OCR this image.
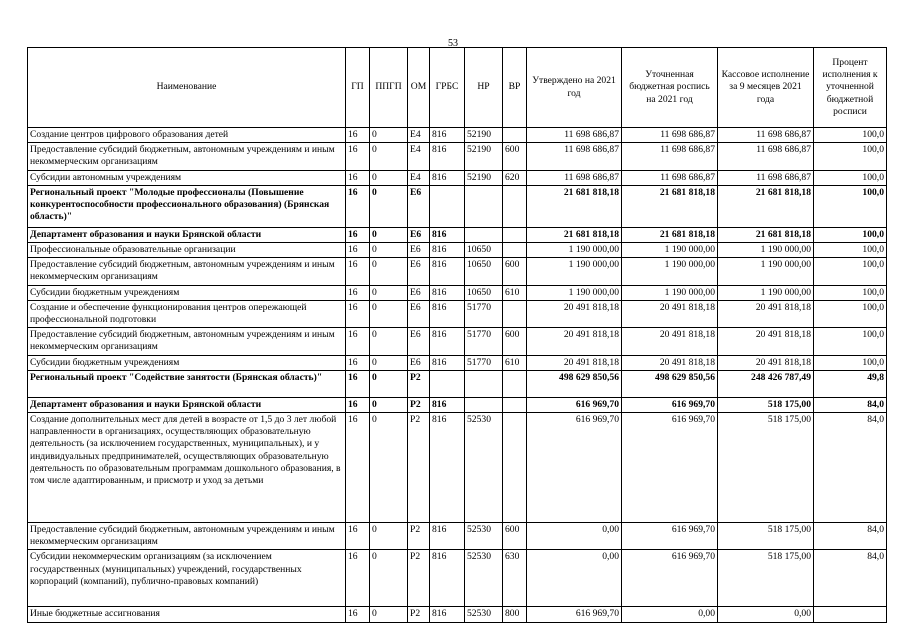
53
Наименование	ГП	ППГП	ОМ	ГРБС	НР	ВР	Утверждено на 2021 год	Уточненная бюджетная роспись на 2021 год	Кассовое исполнение за 9 месяцев 2021 года	Процент исполнения к уточненной бюджетной росписи
Создание центров цифрового образования детей	16	0	E4	816	52190		11 698 686,87	11 698 686,87	11 698 686,87	100,0
Предоставление субсидий бюджетным, автономным учреждениям и иным некоммерческим организациям	16	0	E4	816	52190	600	11 698 686,87	11 698 686,87	11 698 686,87	100,0
Субсидии автономным учреждениям	16	0	E4	816	52190	620	11 698 686,87	11 698 686,87	11 698 686,87	100,0
Региональный проект "Молодые профессионалы (Повышение конкурентоспособности профессионального образования) (Брянская область)"	16	0	E6				21 681 818,18	21 681 818,18	21 681 818,18	100,0
Департамент образования и науки Брянской области	16	0	E6	816			21 681 818,18	21 681 818,18	21 681 818,18	100,0
Профессиональные образовательные организации	16	0	E6	816	10650		1 190 000,00	1 190 000,00	1 190 000,00	100,0
Предоставление субсидий бюджетным, автономным учреждениям и иным некоммерческим организациям	16	0	E6	816	10650	600	1 190 000,00	1 190 000,00	1 190 000,00	100,0
Субсидии бюджетным учреждениям	16	0	E6	816	10650	610	1 190 000,00	1 190 000,00	1 190 000,00	100,0
Создание и обеспечение функционирования центров опережающей профессиональной подготовки	16	0	E6	816	51770		20 491 818,18	20 491 818,18	20 491 818,18	100,0
Предоставление субсидий бюджетным, автономным учреждениям и иным некоммерческим организациям	16	0	E6	816	51770	600	20 491 818,18	20 491 818,18	20 491 818,18	100,0
Субсидии бюджетным учреждениям	16	0	E6	816	51770	610	20 491 818,18	20 491 818,18	20 491 818,18	100,0
Региональный проект "Содействие занятости (Брянская область)"	16	0	P2				498 629 850,56	498 629 850,56	248 426 787,49	49,8
Департамент образования и науки Брянской области	16	0	P2	816			616 969,70	616 969,70	518 175,00	84,0
Создание дополнительных мест для детей в возрасте от 1,5 до 3 лет любой направленности в организациях, осуществляющих образовательную деятельность (за исключением государственных, муниципальных), и у индивидуальных предпринимателей, осуществляющих образовательную деятельность по образовательным программам дошкольного образования, в том числе адаптированным, и присмотр и уход за детьми	16	0	P2	816	52530		616 969,70	616 969,70	518 175,00	84,0
Предоставление субсидий бюджетным, автономным учреждениям и иным некоммерческим организациям	16	0	P2	816	52530	600	0,00	616 969,70	518 175,00	84,0
Субсидии некоммерческим организациям (за исключением государственных (муниципальных) учреждений, государственных корпораций (компаний), публично-правовых компаний)	16	0	P2	816	52530	630	0,00	616 969,70	518 175,00	84,0
Иные бюджетные ассигнования	16	0	P2	816	52530	800	616 969,70	0,00	0,00	
